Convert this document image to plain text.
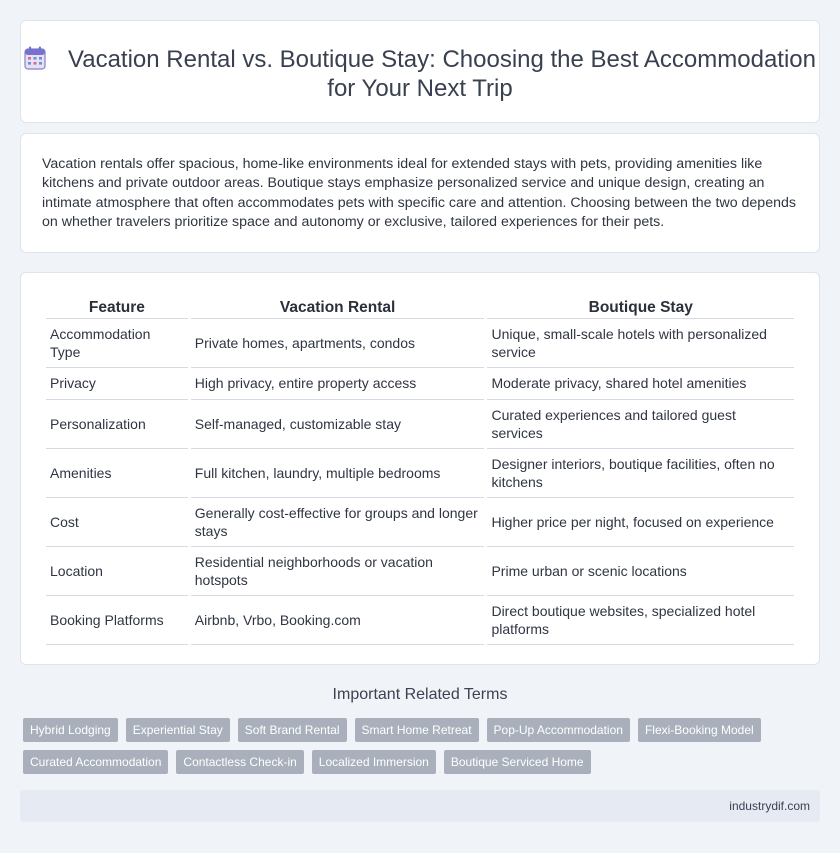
Vacation Rental vs. Boutique Stay: Choosing the Best Accommodation for Your Next Trip

Vacation rentals offer spacious, home-like environments ideal for extended stays with pets, providing amenities like kitchens and private outdoor areas. Boutique stays emphasize personalized service and unique design, creating an intimate atmosphere that often accommodates pets with specific care and attention. Choosing between the two depends on whether travelers prioritize space and autonomy or exclusive, tailored experiences for their pets.

Feature	Vacation Rental	Boutique Stay
Accommodation Type	Private homes, apartments, condos	Unique, small-scale hotels with personalized service
Privacy	High privacy, entire property access	Moderate privacy, shared hotel amenities
Personalization	Self-managed, customizable stay	Curated experiences and tailored guest services
Amenities	Full kitchen, laundry, multiple bedrooms	Designer interiors, boutique facilities, often no kitchens
Cost	Generally cost-effective for groups and longer stays	Higher price per night, focused on experience
Location	Residential neighborhoods or vacation hotspots	Prime urban or scenic locations
Booking Platforms	Airbnb, Vrbo, Booking.com	Direct boutique websites, specialized hotel platforms
Important Related Terms
Hybrid Lodging	Experiential Stay	Soft Brand Rental	Smart Home Retreat	Pop-Up Accommodation	Flexi-Booking Model
Curated Accommodation	Contactless Check-in	Localized Immersion	Boutique Serviced Home
industrydif.com
